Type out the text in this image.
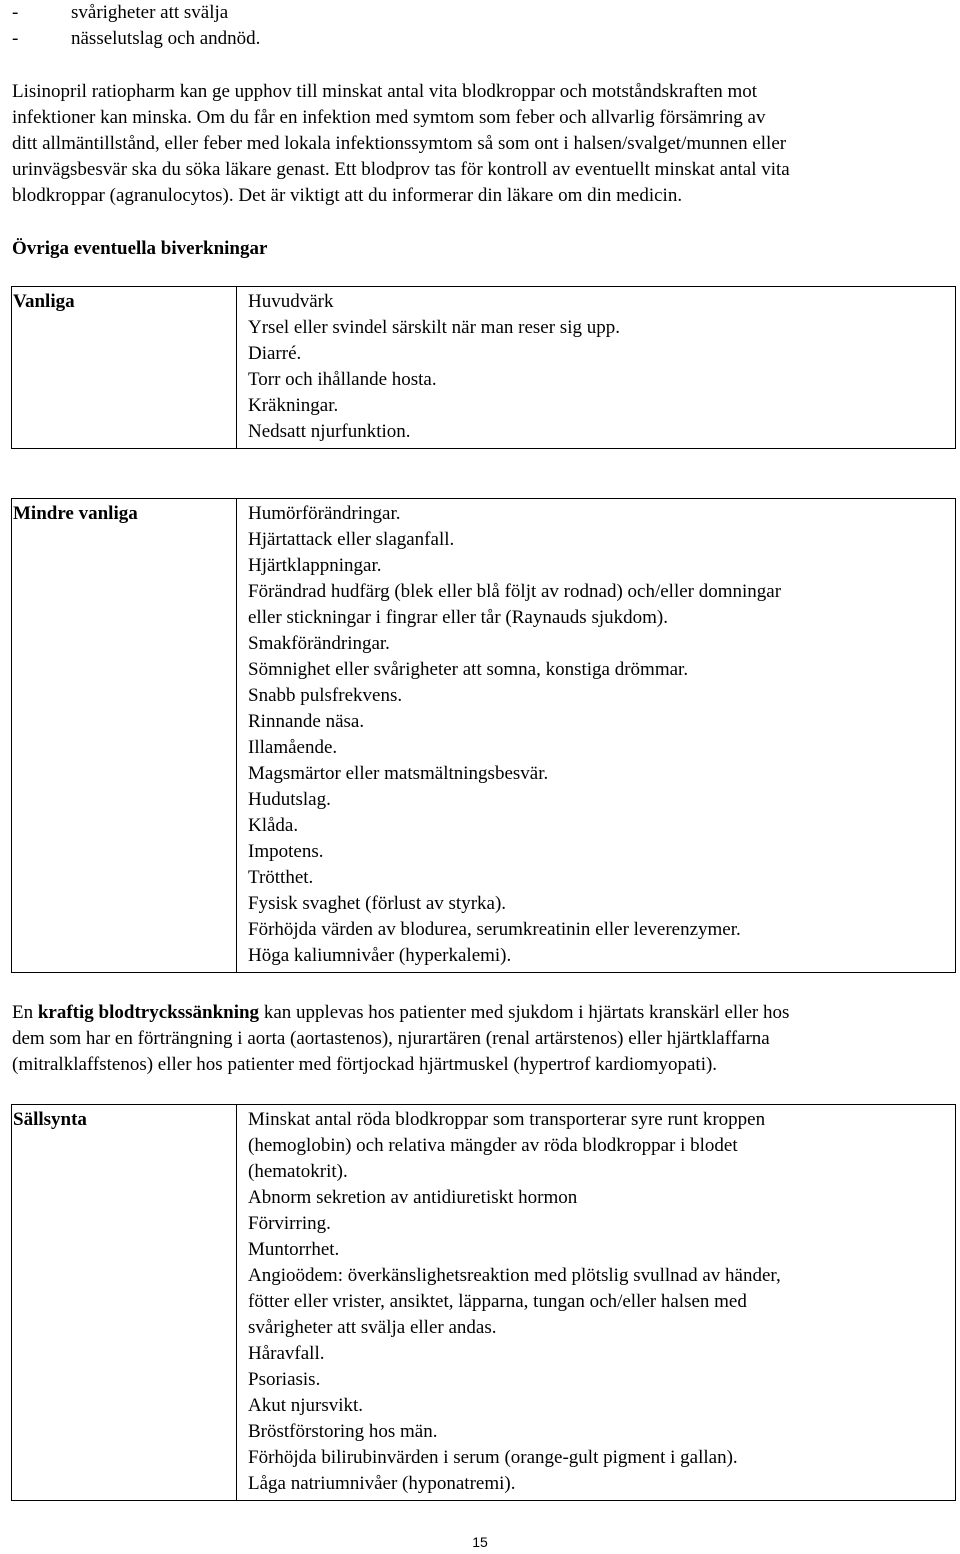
-	svårigheter att svälja
-	nässelutslag och andnöd.
Lisinopril ratiopharm kan ge upphov till minskat antal vita blodkroppar och motståndskraften mot
infektioner kan minska. Om du får en infektion med symtom som feber och allvarlig försämring av
ditt allmäntillstånd, eller feber med lokala infektionssymtom så som ont i halsen/svalget/munnen eller
urinvägsbesvär ska du söka läkare genast. Ett blodprov tas för kontroll av eventuellt minskat antal vita
blodkroppar (agranulocytos). Det är viktigt att du informerar din läkare om din medicin.
Övriga eventuella biverkningar
Vanliga	Huvudvärk
Yrsel eller svindel särskilt när man reser sig upp.
Diarré.
Torr och ihållande hosta.
Kräkningar.
Nedsatt njurfunktion.
Mindre vanliga	Humörförändringar.
Hjärtattack eller slaganfall.
Hjärtklappningar.
Förändrad hudfärg (blek eller blå följt av rodnad) och/eller domningar
eller stickningar i fingrar eller tår (Raynauds sjukdom).
Smakförändringar.
Sömnighet eller svårigheter att somna, konstiga drömmar.
Snabb pulsfrekvens.
Rinnande näsa.
Illamående.
Magsmärtor eller matsmältningsbesvär.
Hudutslag.
Klåda.
Impotens.
Trötthet.
Fysisk svaghet (förlust av styrka).
Förhöjda värden av blodurea, serumkreatinin eller leverenzymer.
Höga kaliumnivåer (hyperkalemi).
En kraftig blodtryckssänkning kan upplevas hos patienter med sjukdom i hjärtats kranskärl eller hos
dem som har en förträngning i aorta (aortastenos), njurartären (renal artärstenos) eller hjärtklaffarna
(mitralklaffstenos) eller hos patienter med förtjockad hjärtmuskel (hypertrof kardiomyopati).
Sällsynta	Minskat antal röda blodkroppar som transporterar syre runt kroppen
(hemoglobin) och relativa mängder av röda blodkroppar i blodet
(hematokrit).
Abnorm sekretion av antidiuretiskt hormon
Förvirring.
Muntorrhet.
Angioödem: överkänslighetsreaktion med plötslig svullnad av händer,
fötter eller vrister, ansiktet, läpparna, tungan och/eller halsen med
svårigheter att svälja eller andas.
Håravfall.
Psoriasis.
Akut njursvikt.
Bröstförstoring hos män.
Förhöjda bilirubinvärden i serum (orange-gult pigment i gallan).
Låga natriumnivåer (hyponatremi).
15
